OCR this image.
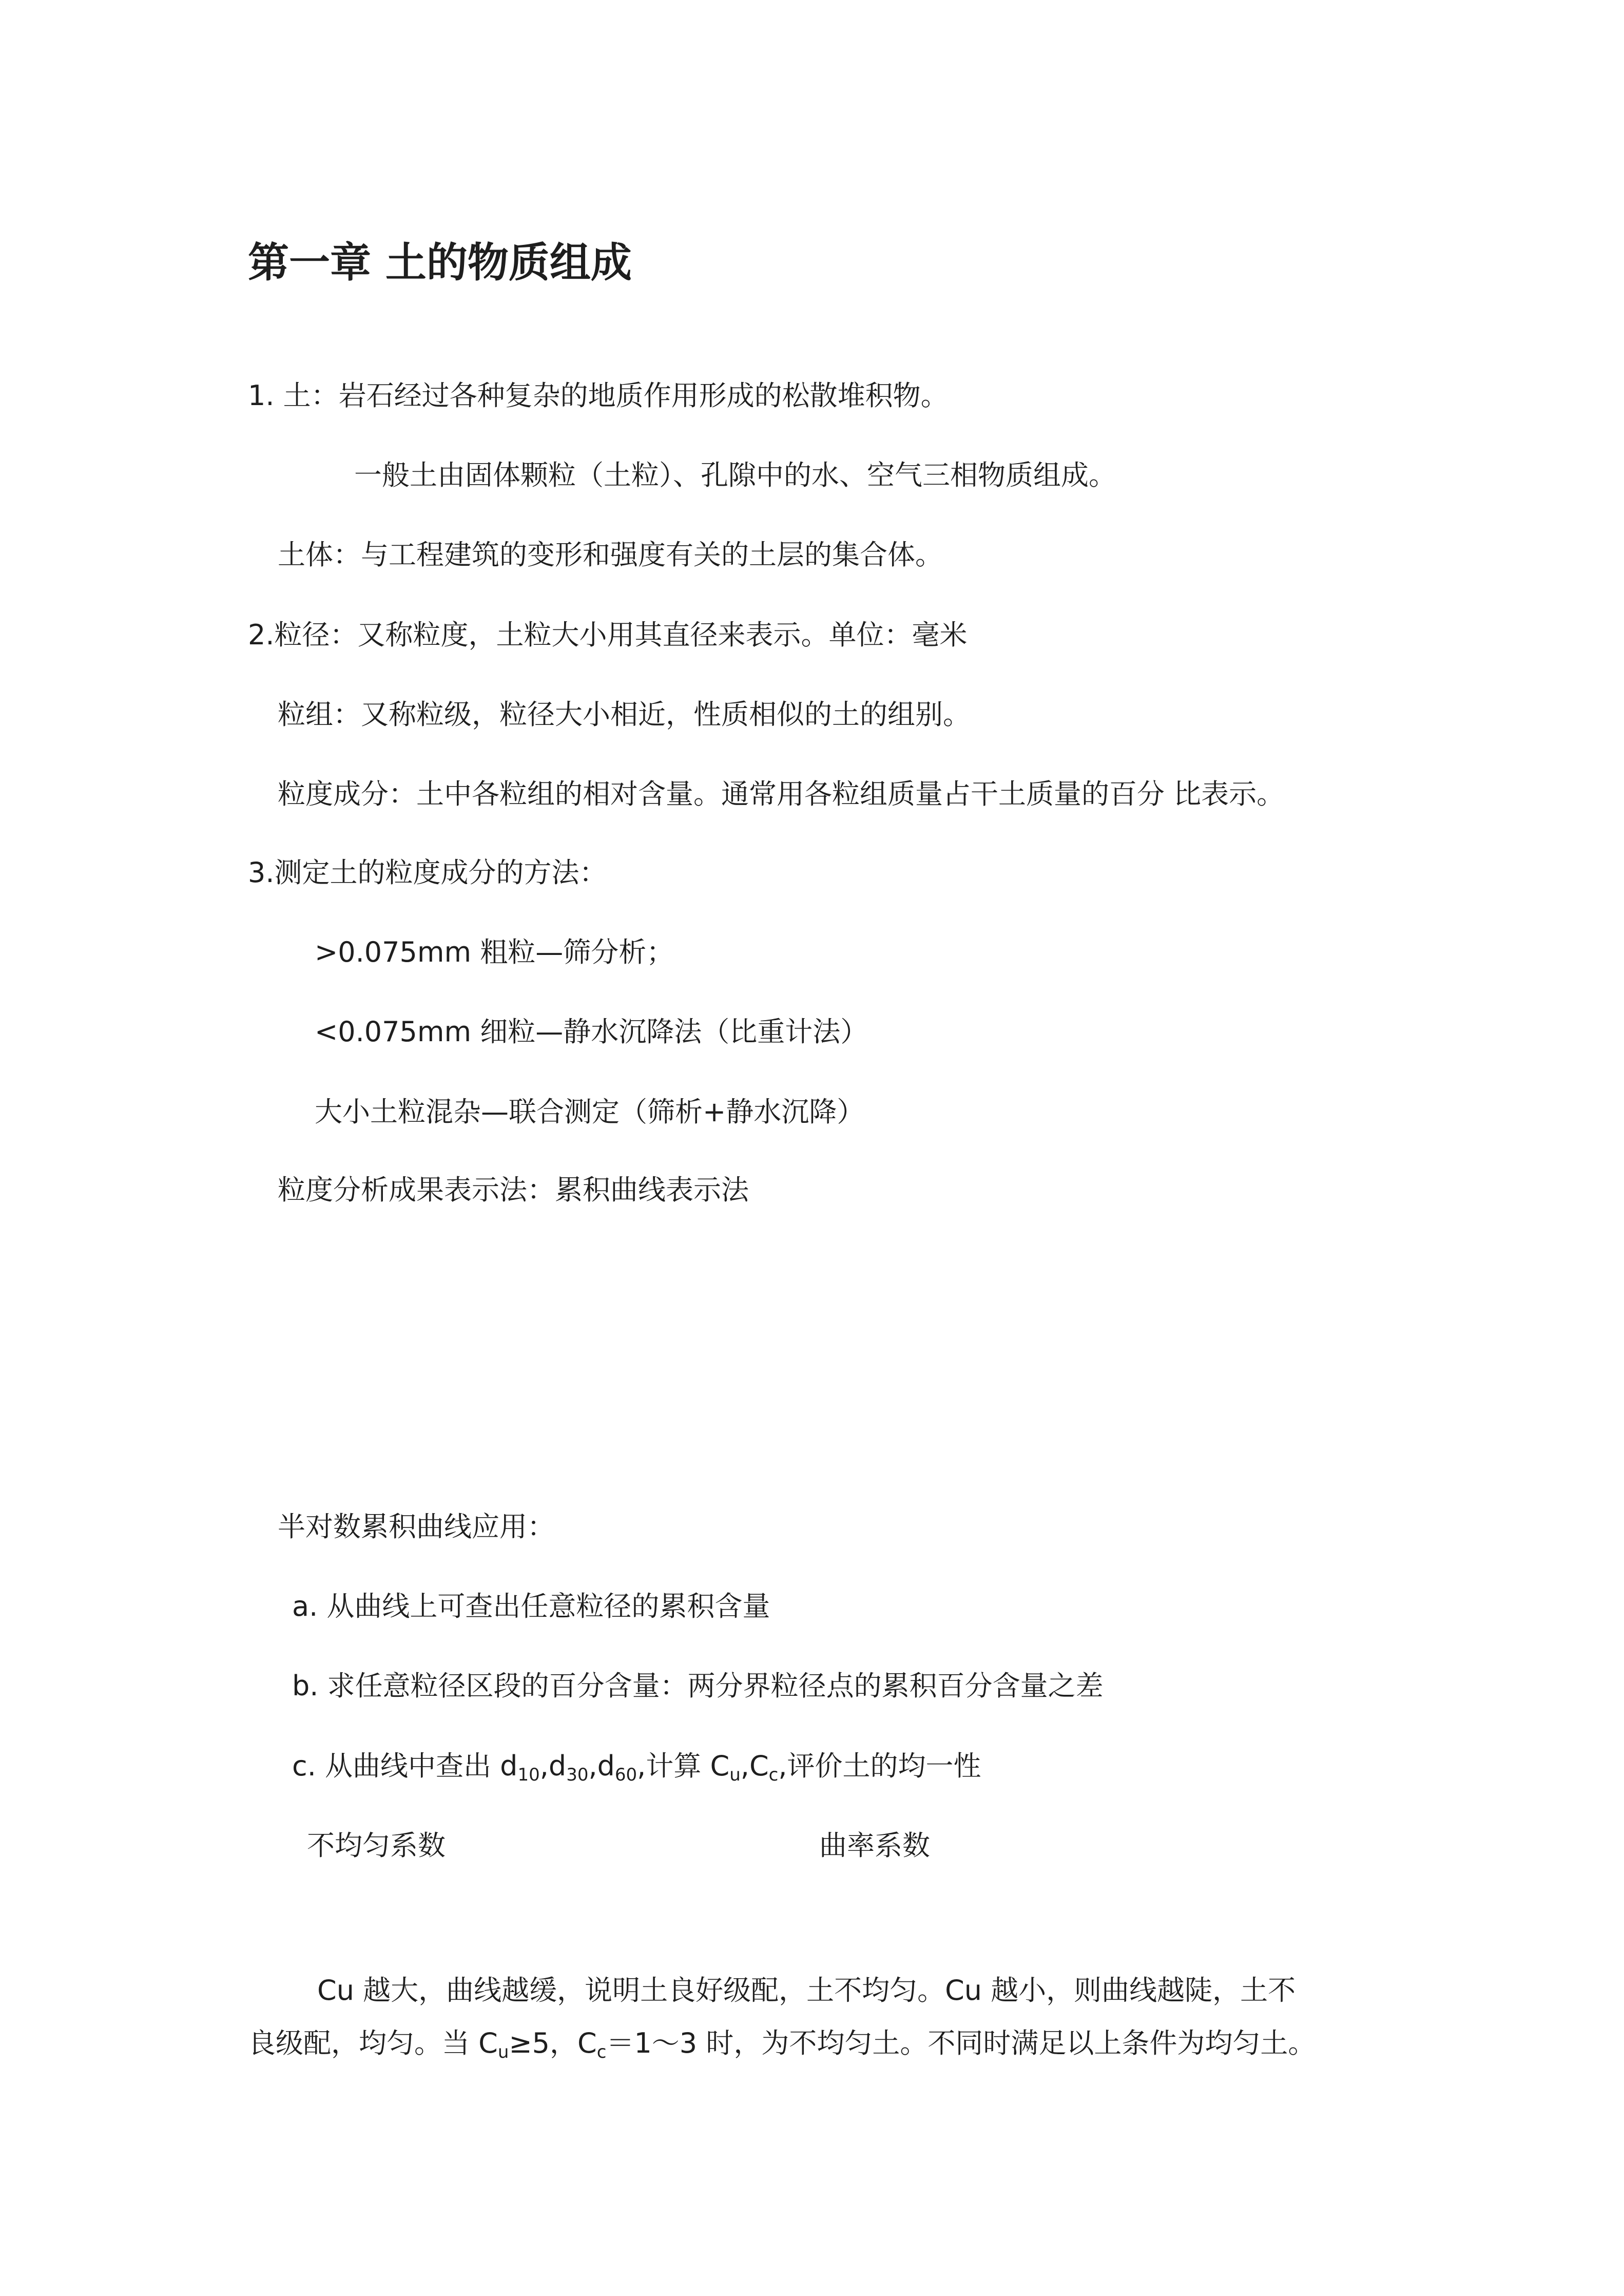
第一章 土的物质组成
1. 土：岩石经过各种复杂的地质作用形成的松散堆积物。
一般土由固体颗粒（土粒）、孔隙中的水、空气三相物质组成。
土体：与工程建筑的变形和强度有关的土层的集合体。
2.粒径：又称粒度，土粒大小用其直径来表示。单位：毫米
粒组：又称粒级，粒径大小相近，性质相似的土的组别。
粒度成分：土中各粒组的相对含量。通常用各粒组质量占干土质量的百分 比表示。
3.测定土的粒度成分的方法：
>0.075mm 粗粒—筛分析；
<0.075mm 细粒—静水沉降法（比重计法）
大小土粒混杂—联合测定（筛析+静水沉降）
粒度分析成果表示法：累积曲线表示法
半对数累积曲线应用：
a. 从曲线上可查出任意粒径的累积含量
b. 求任意粒径区段的百分含量：两分界粒径点的累积百分含量之差
c. 从曲线中查出 $d_{10},d_{30},d_{60}$,计算 $C_u,C_c$,评价土的均一性
不均匀系数	曲率系数
Cu 越大，曲线越缓，说明土良好级配，土不均匀。Cu 越小，则曲线越陡，土不
良级配，均匀。当 $C_u\ge 5$，$C_c=1\sim 3$ 时，为不均匀土。不同时满足以上条件为均匀土。
